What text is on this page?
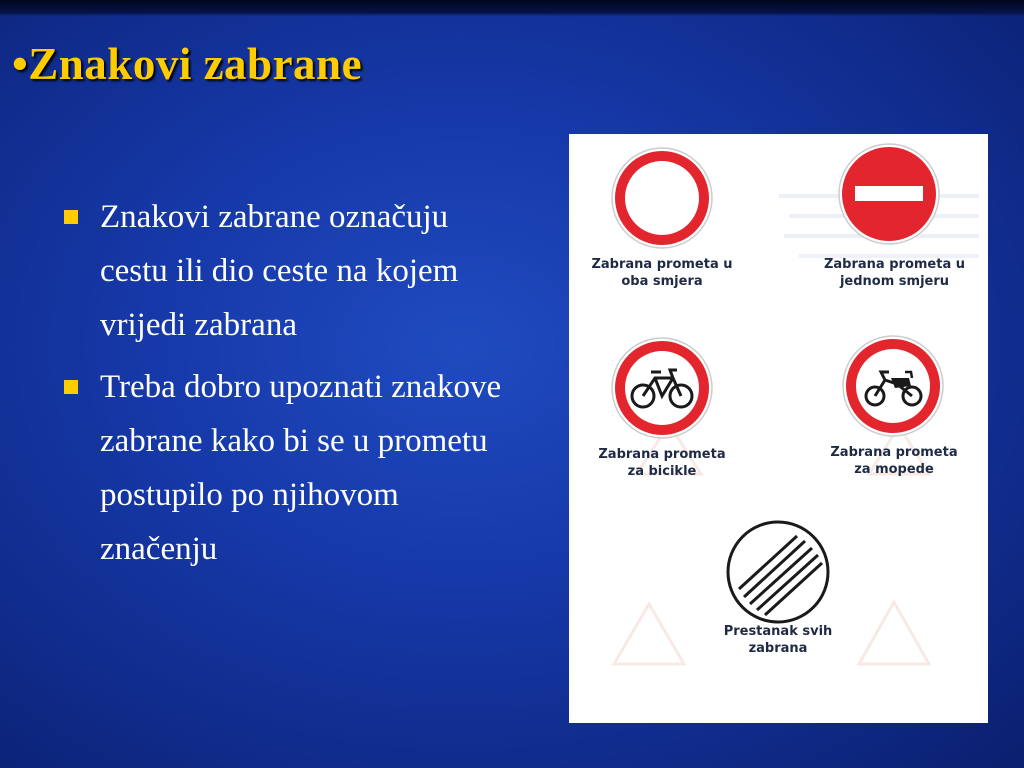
•Znakovi zabrane
Znakovi zabrane označuju cestu ili dio ceste na kojem vrijedi zabrana
Treba dobro upoznati znakove zabrane kako bi se u prometu postupilo po njihovom značenju
Zabrana prometa u
oba smjera
Zabrana prometa u
jednom smjeru
Zabrana prometa
za bicikle
Zabrana prometa
za mopede
Prestanak svih
zabrana
